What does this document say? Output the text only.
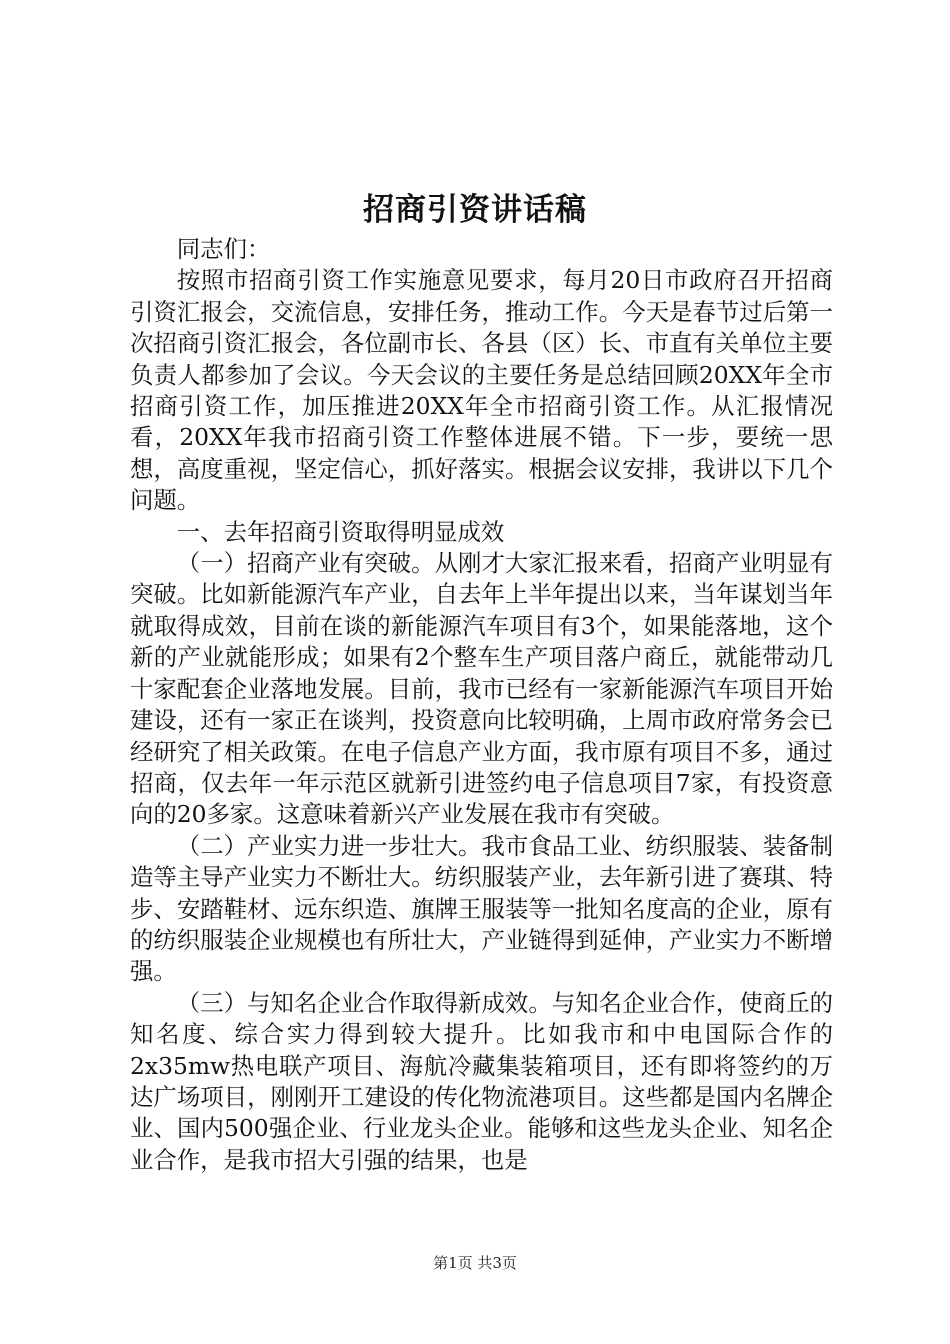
招商引资讲话稿

同志们：

按照市招商引资工作实施意见要求，每月20日市政府召开招商引资汇报会，交流信息，安排任务，推动工作。今天是春节过后第一次招商引资汇报会，各位副市长、各县（区）长、市直有关单位主要负责人都参加了会议。今天会议的主要任务是总结回顾20XX年全市招商引资工作，加压推进20XX年全市招商引资工作。从汇报情况看，20XX年我市招商引资工作整体进展不错。下一步，要统一思想，高度重视，坚定信心，抓好落实。根据会议安排，我讲以下几个问题。

一、去年招商引资取得明显成效

（一）招商产业有突破。从刚才大家汇报来看，招商产业明显有突破。比如新能源汽车产业，自去年上半年提出以来，当年谋划当年就取得成效，目前在谈的新能源汽车项目有3个，如果能落地，这个新的产业就能形成；如果有2个整车生产项目落户商丘，就能带动几十家配套企业落地发展。目前，我市已经有一家新能源汽车项目开始建设，还有一家正在谈判，投资意向比较明确，上周市政府常务会已经研究了相关政策。在电子信息产业方面，我市原有项目不多，通过招商，仅去年一年示范区就新引进签约电子信息项目7家，有投资意向的20多家。这意味着新兴产业发展在我市有突破。

（二）产业实力进一步壮大。我市食品工业、纺织服装、装备制造等主导产业实力不断壮大。纺织服装产业，去年新引进了赛琪、特步、安踏鞋材、远东织造、旗牌王服装等一批知名度高的企业，原有的纺织服装企业规模也有所壮大，产业链得到延伸，产业实力不断增强。

（三）与知名企业合作取得新成效。与知名企业合作，使商丘的知名度、综合实力得到较大提升。比如我市和中电国际合作的2x35mw热电联产项目、海航冷藏集装箱项目，还有即将签约的万达广场项目，刚刚开工建设的传化物流港项目。这些都是国内名牌企业、国内500强企业、行业龙头企业。能够和这些龙头企业、知名企业合作，是我市招大引强的结果，也是

第1页 共3页
